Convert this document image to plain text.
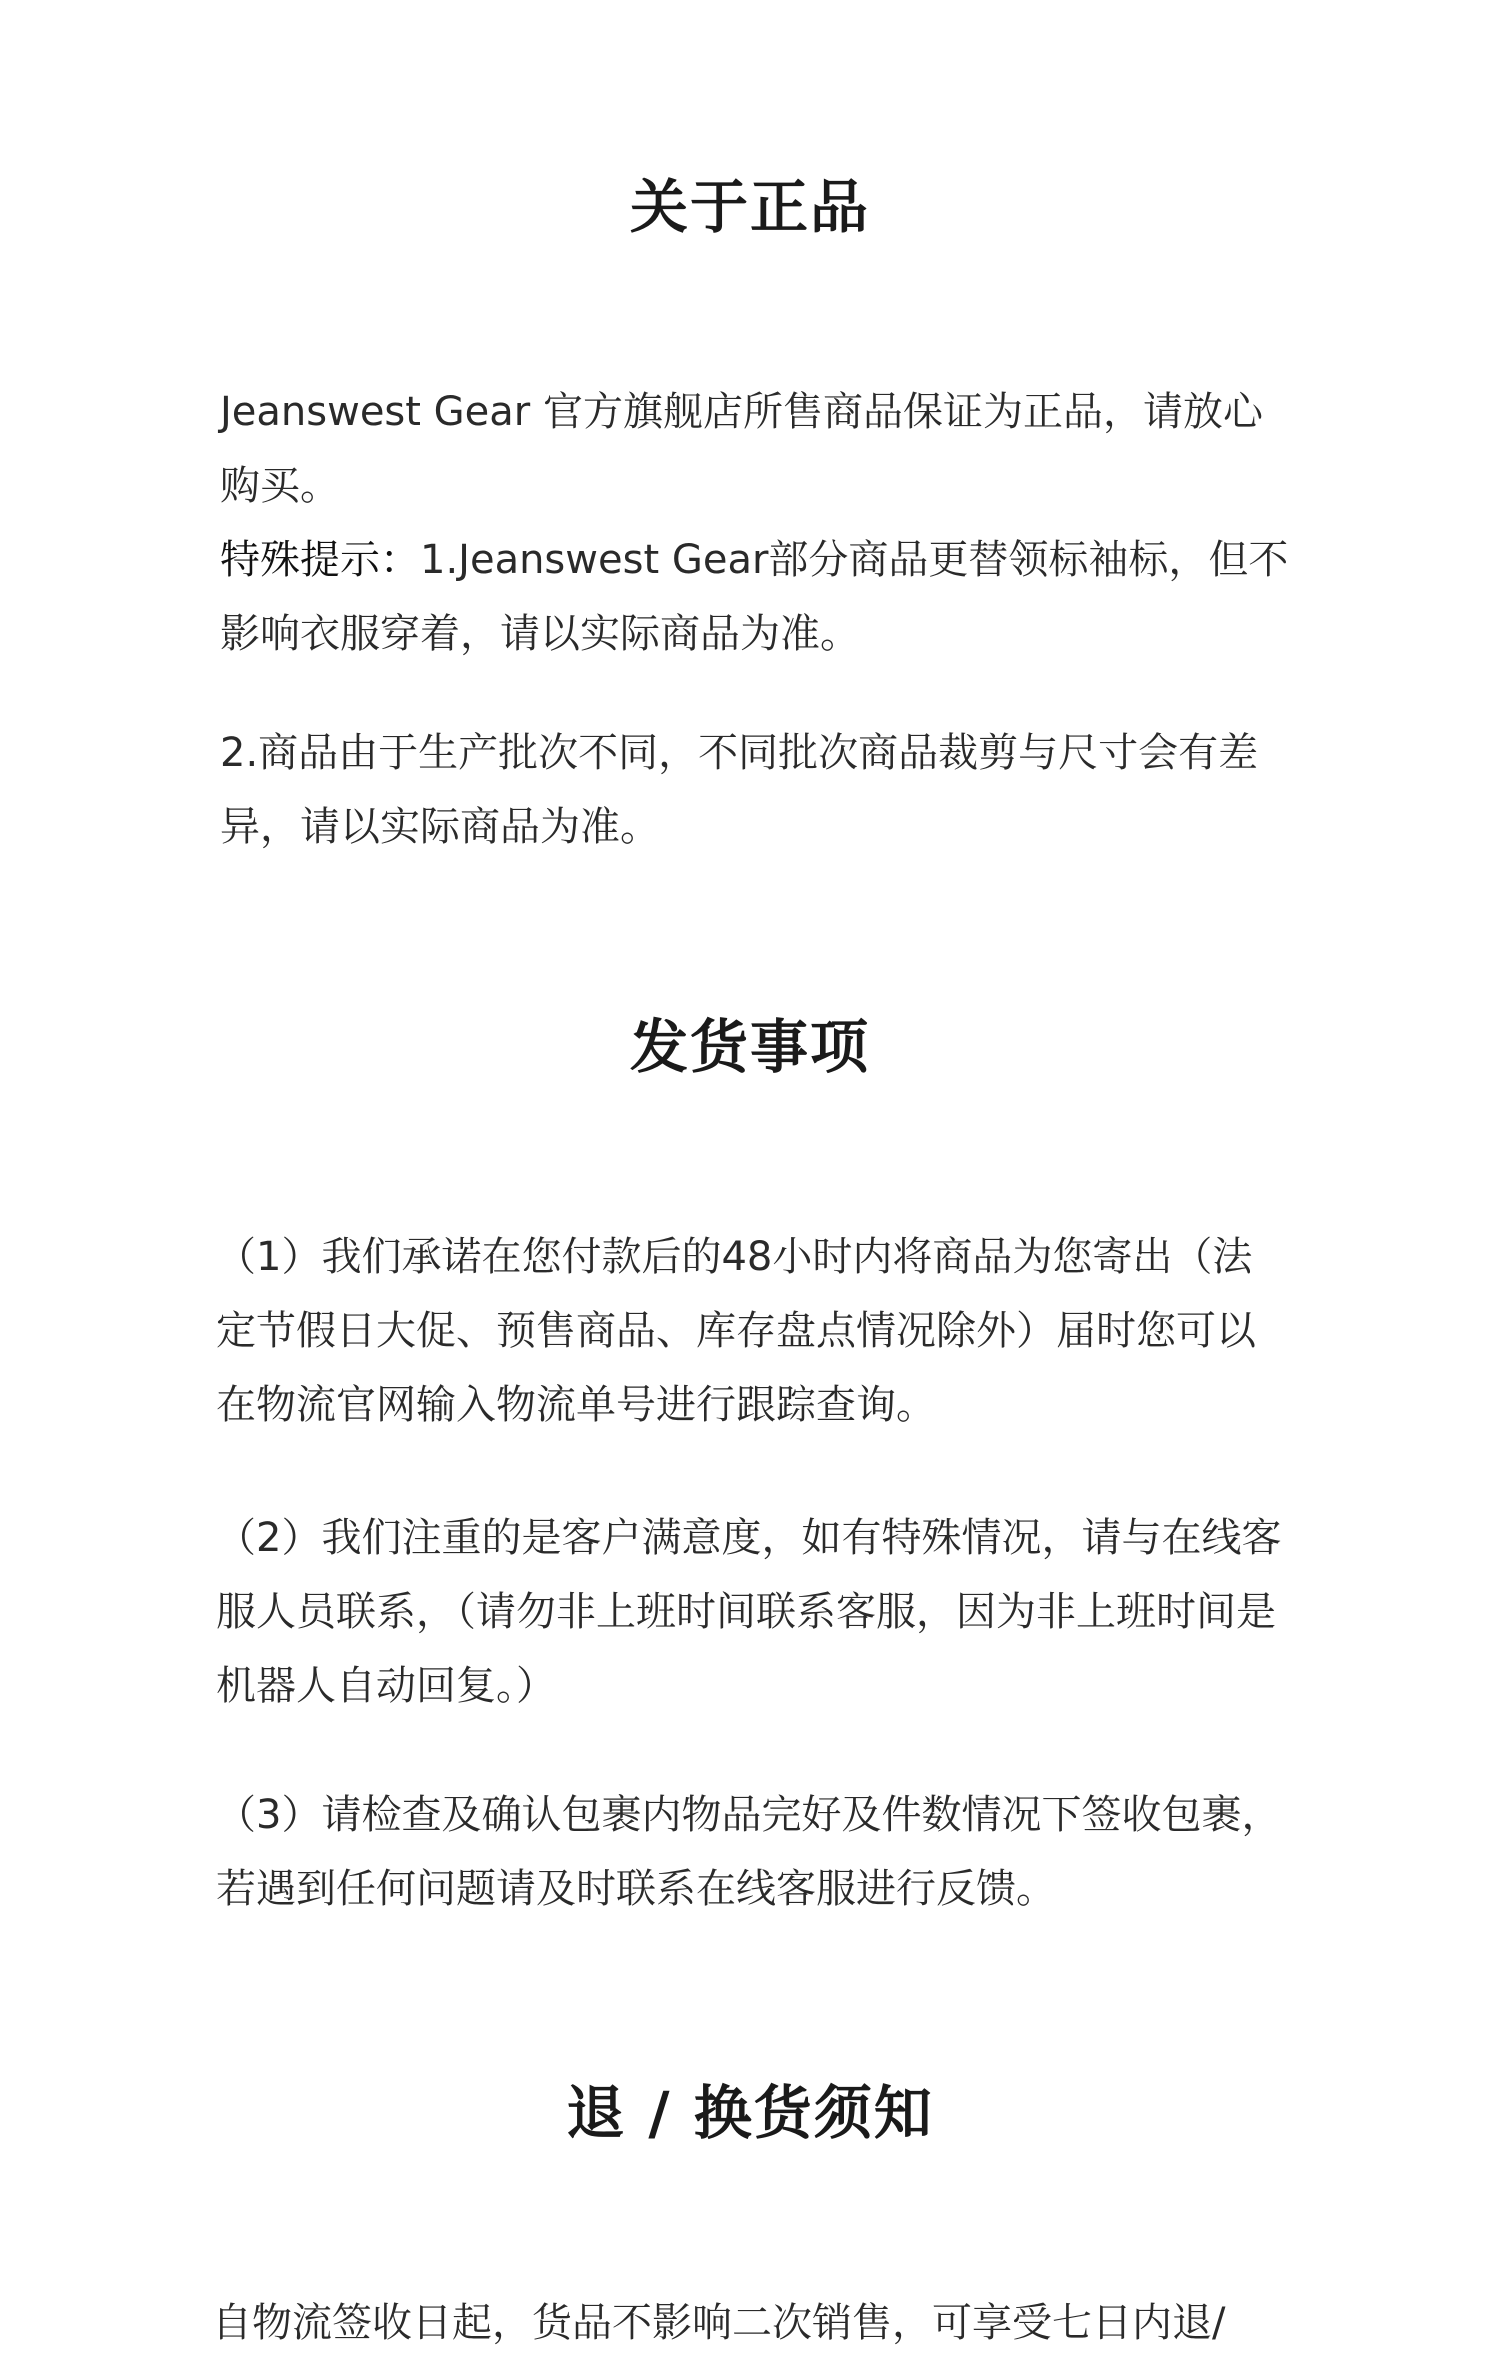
关于正品

Jeanswest Gear 官方旗舰店所售商品保证为正品，请放心购买。

特殊提示：1.Jeanswest Gear部分商品更替领标袖标，但不影响衣服穿着，请以实际商品为准。

2.商品由于生产批次不同，不同批次商品裁剪与尺寸会有差异，请以实际商品为准。

发货事项

（1）我们承诺在您付款后的48小时内将商品为您寄出（法定节假日大促、预售商品、库存盘点情况除外）届时您可以在物流官网输入物流单号进行跟踪查询。

（2）我们注重的是客户满意度，如有特殊情况，请与在线客服人员联系，（请勿非上班时间联系客服，因为非上班时间是机器人自动回复。）

（3）请检查及确认包裹内物品完好及件数情况下签收包裹，若遇到任何问题请及时联系在线客服进行反馈。

退 / 换货须知

自物流签收日起，货品不影响二次销售，可享受七日内退/
